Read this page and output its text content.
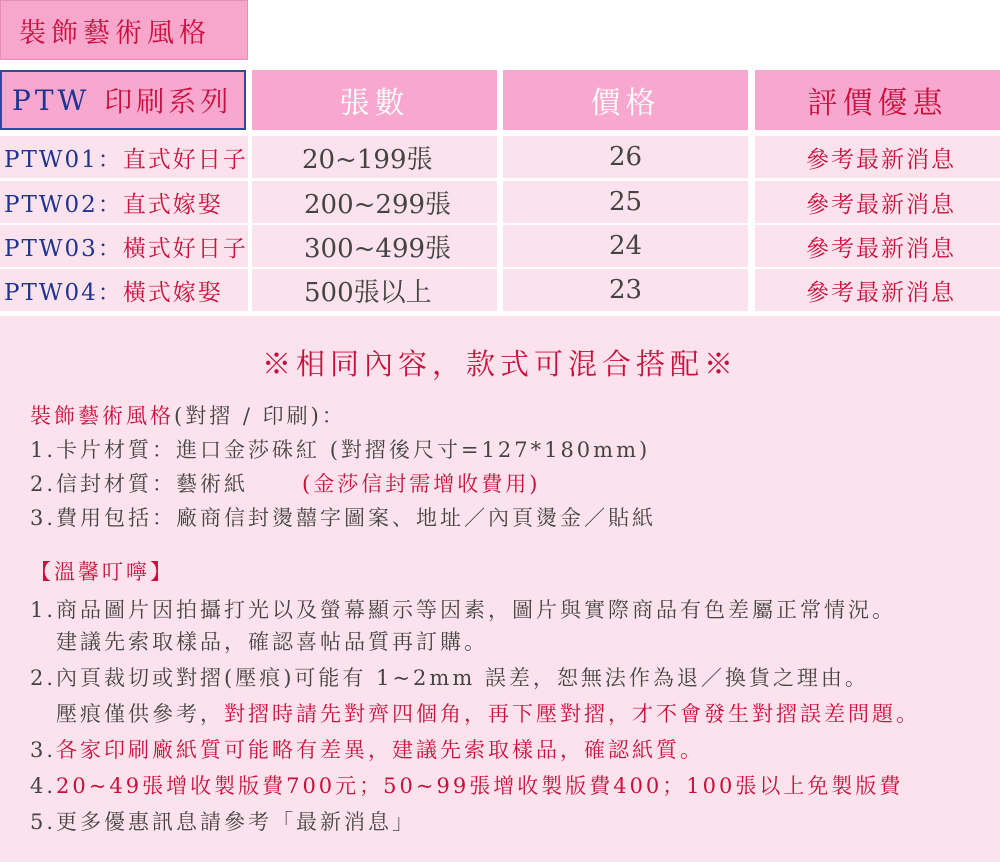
裝飾藝術風格
PTW 印刷系列	張數	價格	評價優惠
PTW01： 直式好日子	20~199張	26	參考最新消息
PTW02： 直式嫁娶	200~299張	25	參考最新消息
PTW03： 橫式好日子	300~499張	24	參考最新消息
PTW04： 橫式嫁娶	500張以上	23	參考最新消息
※相同內容，款式可混合搭配※
裝飾藝術風格(對摺 / 印刷)：
1.卡片材質：進口金莎硃紅 (對摺後尺寸=127*180mm)
2.信封材質：藝術紙	(金莎信封需增收費用)
3.費用包括：廠商信封燙囍字圖案、地址／內頁燙金／貼紙
【溫馨叮嚀】
1.商品圖片因拍攝打光以及螢幕顯示等因素，圖片與實際商品有色差屬正常情況。
建議先索取樣品，確認喜帖品質再訂購。
2.內頁裁切或對摺(壓痕)可能有 1~2mm 誤差，恕無法作為退／換貨之理由。
壓痕僅供參考，對摺時請先對齊四個角，再下壓對摺，才不會發生對摺誤差問題。
3.各家印刷廠紙質可能略有差異，建議先索取樣品，確認紙質。
4.20~49張增收製版費700元；50~99張增收製版費400；100張以上免製版費
5.更多優惠訊息請參考「最新消息」
